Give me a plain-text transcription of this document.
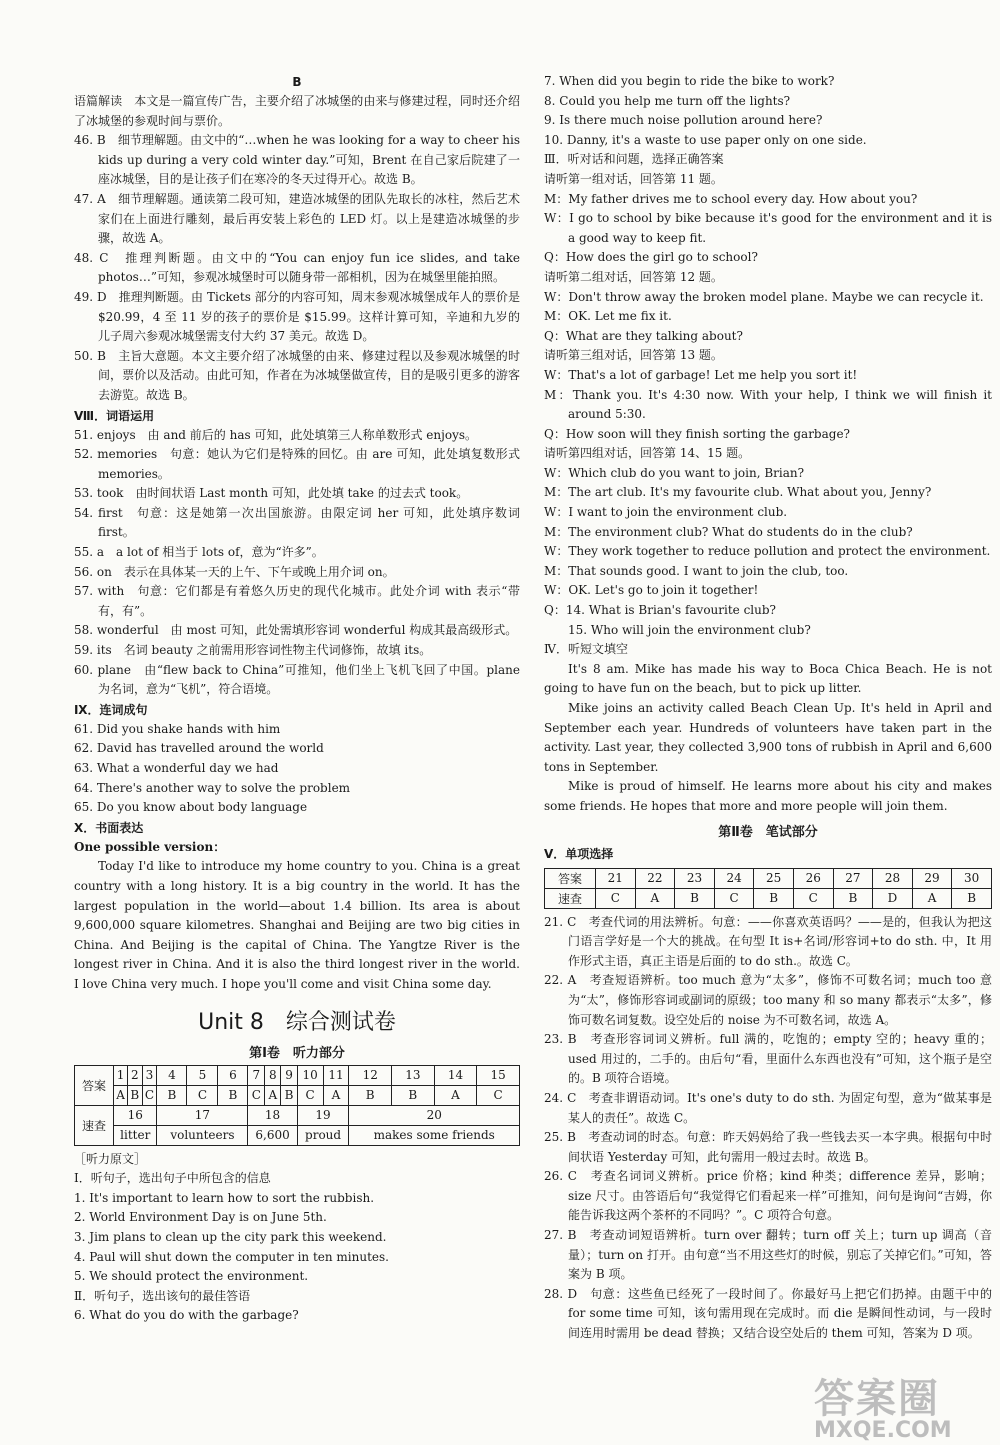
B

语篇解读　本文是一篇宣传广告，主要介绍了冰城堡的由来与修建过程，同时还介绍了冰城堡的参观时间与票价。

46. B　细节理解题。由文中的“…when he was looking for a way to cheer his kids up during a very cold winter day.”可知，Brent 在自己家后院建了一座冰城堡，目的是让孩子们在寒冷的冬天过得开心。故选 B。

47. A　细节理解题。通读第二段可知，建造冰城堡的团队先取长的冰柱，然后艺术家们在上面进行雕刻，最后再安装上彩色的 LED 灯。以上是建造冰城堡的步骤，故选 A。

48. C　推理判断题。由文中的“You can enjoy fun ice slides, and take photos…”可知，参观冰城堡时可以随身带一部相机，因为在城堡里能拍照。

49. D　推理判断题。由 Tickets 部分的内容可知，周末参观冰城堡成年人的票价是 $20.99，4 至 11 岁的孩子的票价是 $15.99。这样计算可知，辛迪和九岁的儿子周六参观冰城堡需支付大约 37 美元。故选 D。

50. B　主旨大意题。本文主要介绍了冰城堡的由来、修建过程以及参观冰城堡的时间，票价以及活动。由此可知，作者在为冰城堡做宣传，目的是吸引更多的游客去游览。故选 B。

Ⅷ．词语运用

51. enjoys　由 and 前后的 has 可知，此处填第三人称单数形式 enjoys。

52. memories　句意：她认为它们是特殊的回忆。由 are 可知，此处填复数形式 memories。

53. took　由时间状语 Last month 可知，此处填 take 的过去式 took。

54. first　句意：这是她第一次出国旅游。由限定词 her 可知，此处填序数词 first。

55. a　a lot of 相当于 lots of，意为“许多”。

56. on　表示在具体某一天的上午、下午或晚上用介词 on。

57. with　句意：它们都是有着悠久历史的现代化城市。此处介词 with 表示“带有，有”。

58. wonderful　由 most 可知，此处需填形容词 wonderful 构成其最高级形式。

59. its　名词 beauty 之前需用形容词性物主代词修饰，故填 its。

60. plane　由“flew back to China”可推知，他们坐上飞机飞回了中国。plane 为名词，意为“飞机”，符合语境。

Ⅸ．连词成句

61. Did you shake hands with him

62. David has travelled around the world

63. What a wonderful day we had

64. There's another way to solve the problem

65. Do you know about body language

Ⅹ．书面表达

One possible version：

Today I'd like to introduce my home country to you. China is a great country with a long history. It is a big country in the world. It has the largest population in the world—about 1.4 billion. Its area is about 9,600,000 square kilometres. Shanghai and Beijing are two big cities in China. And Beijing is the capital of China. The Yangtze River is the longest river in China. And it is also the third longest river in the world. I love China very much. I hope you'll come and visit China some day.

Unit 8　综合测试卷
第Ⅰ卷　听力部分
答案	1	2	3	4	5	6	7	8	9	10	11	12	13	14	15
	A	B	C	B	C	B	C	A	B	C	A	B	B	A	C
速查	16			17			18			19		20			
	litter			volunteers			6,600			proud		makes some friends			

［听力原文］

Ⅰ．听句子，选出句子中所包含的信息

1. It's important to learn how to sort the rubbish.

2. World Environment Day is on June 5th.

3. Jim plans to clean up the city park this weekend.

4. Paul will shut down the computer in ten minutes.

5. We should protect the environment.

Ⅱ．听句子，选出该句的最佳答语

6. What do you do with the garbage?

7. When did you begin to ride the bike to work?

8. Could you help me turn off the lights?

9. Is there much noise pollution around here?

10. Danny, it's a waste to use paper only on one side.

Ⅲ．听对话和问题，选择正确答案

请听第一组对话，回答第 11 题。

M：My father drives me to school every day. How about you?

W：I go to school by bike because it's good for the environment and it is a good way to keep fit.

Q：How does the girl go to school?

请听第二组对话，回答第 12 题。

W：Don't throw away the broken model plane. Maybe we can recycle it.

M：OK. Let me fix it.

Q：What are they talking about?

请听第三组对话，回答第 13 题。

W：That's a lot of garbage! Let me help you sort it!

M：Thank you. It's 4:30 now. With your help, I think we will finish it around 5:30.

Q：How soon will they finish sorting the garbage?

请听第四组对话，回答第 14、15 题。

W：Which club do you want to join, Brian?

M：The art club. It's my favourite club. What about you, Jenny?

W：I want to join the environment club.

M：The environment club? What do students do in the club?

W：They work together to reduce pollution and protect the environment.

M：That sounds good. I want to join the club, too.

W：OK. Let's go to join it together!

Q：14. What is Brian's favourite club?

15. Who will join the environment club?

Ⅳ．听短文填空

It's 8 am. Mike has made his way to Boca Chica Beach. He is not going to have fun on the beach, but to pick up litter.

Mike joins an activity called Beach Clean Up. It's held in April and September each year. Hundreds of volunteers have taken part in the activity. Last year, they collected 3,900 tons of rubbish in April and 6,600 tons in September.

Mike is proud of himself. He learns more about his city and makes some friends. He hopes that more and more people will join them.

第Ⅱ卷　笔试部分

Ⅴ．单项选择

答案	21	22	23	24	25	26	27	28	29	30
速查	C	A	B	C	B	C	B	D	A	B

21. C　考查代词的用法辨析。句意：——你喜欢英语吗？——是的，但我认为把这门语言学好是一个大的挑战。在句型 It is+名词/形容词+to do sth. 中，It 用作形式主语，真正主语是后面的 to do sth.。故选 C。

22. A　考查短语辨析。too much 意为“太多”，修饰不可数名词；much too 意为“太”，修饰形容词或副词的原级；too many 和 so many 都表示“太多”，修饰可数名词复数。设空处后的 noise 为不可数名词，故选 A。

23. B　考查形容词词义辨析。full 满的，吃饱的；empty 空的；heavy 重的；used 用过的，二手的。由后句“看，里面什么东西也没有”可知，这个瓶子是空的。B 项符合语境。

24. C　考查非谓语动词。It's one's duty to do sth. 为固定句型，意为“做某事是某人的责任”。故选 C。

25. B　考查动词的时态。句意：昨天妈妈给了我一些钱去买一本字典。根据句中时间状语 Yesterday 可知，此句需用一般过去时。故选 B。

26. C　考查名词词义辨析。price 价格；kind 种类；difference 差异，影响；size 尺寸。由答语后句“我觉得它们看起来一样”可推知，问句是询问“吉姆，你能告诉我这两个茶杯的不同吗？”。C 项符合句意。

27. B　考查动词短语辨析。turn over 翻转；turn off 关上；turn up 调高（音量）；turn on 打开。由句意“当不用这些灯的时候，别忘了关掉它们。”可知，答案为 B 项。

28. D　句意：这些鱼已经死了一段时间了。你最好马上把它们扔掉。由题干中的 for some time 可知，该句需用现在完成时。而 die 是瞬间性动词，与一段时间连用时需用 be dead 替换；又结合设空处后的 them 可知，答案为 D 项。

答案圈
MXQE.COM
